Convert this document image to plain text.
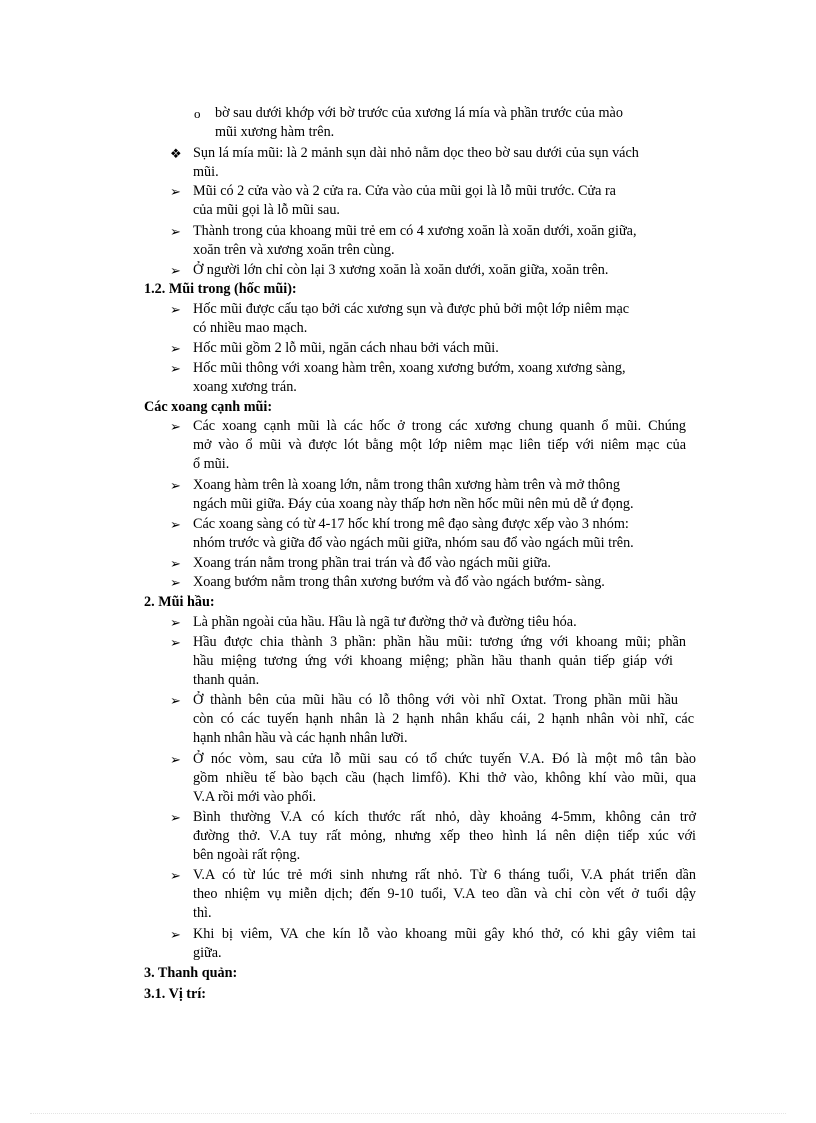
o bờ sau dưới khớp với bờ trước của xương lá mía và phần trước của mào
mũi xương hàm trên.
❖ Sụn lá mía mũi: là 2 mảnh sụn dài nhỏ nằm dọc theo bờ sau dưới của sụn vách
mũi.
➢ Mũi có 2 cửa vào và 2 cửa ra. Cửa vào của mũi gọi là lỗ mũi trước. Cửa ra
của mũi gọi là lỗ mũi sau.
➢ Thành trong của khoang mũi trẻ em có 4 xương xoăn là xoăn dưới, xoăn giữa,
xoăn trên và xương xoăn trên cùng.
➢ Ở người lớn chỉ còn lại 3 xương xoăn là xoăn dưới, xoăn giữa, xoăn trên.
1.2. Mũi trong (hốc mũi):
➢ Hốc mũi được cấu tạo bởi các xương sụn và được phủ bởi một lớp niêm mạc
có nhiều mao mạch.
➢ Hốc mũi gồm 2 lỗ mũi, ngăn cách nhau bởi vách mũi.
➢ Hốc mũi thông với xoang hàm trên, xoang xương bướm, xoang xương sàng,
xoang xương trán.
Các xoang cạnh mũi:
➢ Các xoang cạnh mũi là các hốc ở trong các xương chung quanh ổ mũi. Chúng
mở vào ổ mũi và được lót bằng một lớp niêm mạc liên tiếp với niêm mạc của
ổ mũi.
➢ Xoang hàm trên là xoang lớn, nằm trong thân xương hàm trên và mở thông
ngách mũi giữa. Đáy của xoang này thấp hơn nền hốc mũi nên mủ dễ ứ đọng.
➢ Các xoang sàng có từ 4-17 hốc khí trong mê đạo sàng được xếp vào 3 nhóm:
nhóm trước và giữa đổ vào ngách mũi giữa, nhóm sau đổ vào ngách mũi trên.
➢ Xoang trán nằm trong phần trai trán và đổ vào ngách mũi giữa.
➢ Xoang bướm nằm trong thân xương bướm và đổ vào ngách bướm- sàng.
2. Mũi hầu:
➢ Là phần ngoài của hầu. Hầu là ngã tư đường thở và đường tiêu hóa.
➢ Hầu được chia thành 3 phần: phần hầu mũi: tương ứng với khoang mũi; phần
hầu miệng tương ứng với khoang miệng; phần hầu thanh quản tiếp giáp với
thanh quản.
➢ Ở thành bên của mũi hầu có lỗ thông với vòi nhĩ Oxtat. Trong phần mũi hầu
còn có các tuyến hạnh nhân là 2 hạnh nhân khẩu cái, 2 hạnh nhân vòi nhĩ, các
hạnh nhân hầu và các hạnh nhân lưỡi.
➢ Ở nóc vòm, sau cửa lỗ mũi sau có tổ chức tuyến V.A. Đó là một mô tân bào
gồm nhiều tế bào bạch cầu (hạch limfô). Khi thở vào, không khí vào mũi, qua
V.A rồi mới vào phổi.
➢ Bình thường V.A có kích thước rất nhỏ, dày khoảng 4-5mm, không cản trở
đường thở. V.A tuy rất mỏng, nhưng xếp theo hình lá nên diện tiếp xúc với
bên ngoài rất rộng.
➢ V.A có từ lúc trẻ mới sinh nhưng rất nhỏ. Từ 6 tháng tuổi, V.A phát triển dần
theo nhiệm vụ miễn dịch; đến 9-10 tuổi, V.A teo dần và chỉ còn vết ở tuổi dậy
thì.
➢ Khi bị viêm, VA che kín lỗ vào khoang mũi gây khó thở, có khi gây viêm tai
giữa.
3. Thanh quản:
3.1. Vị trí:
